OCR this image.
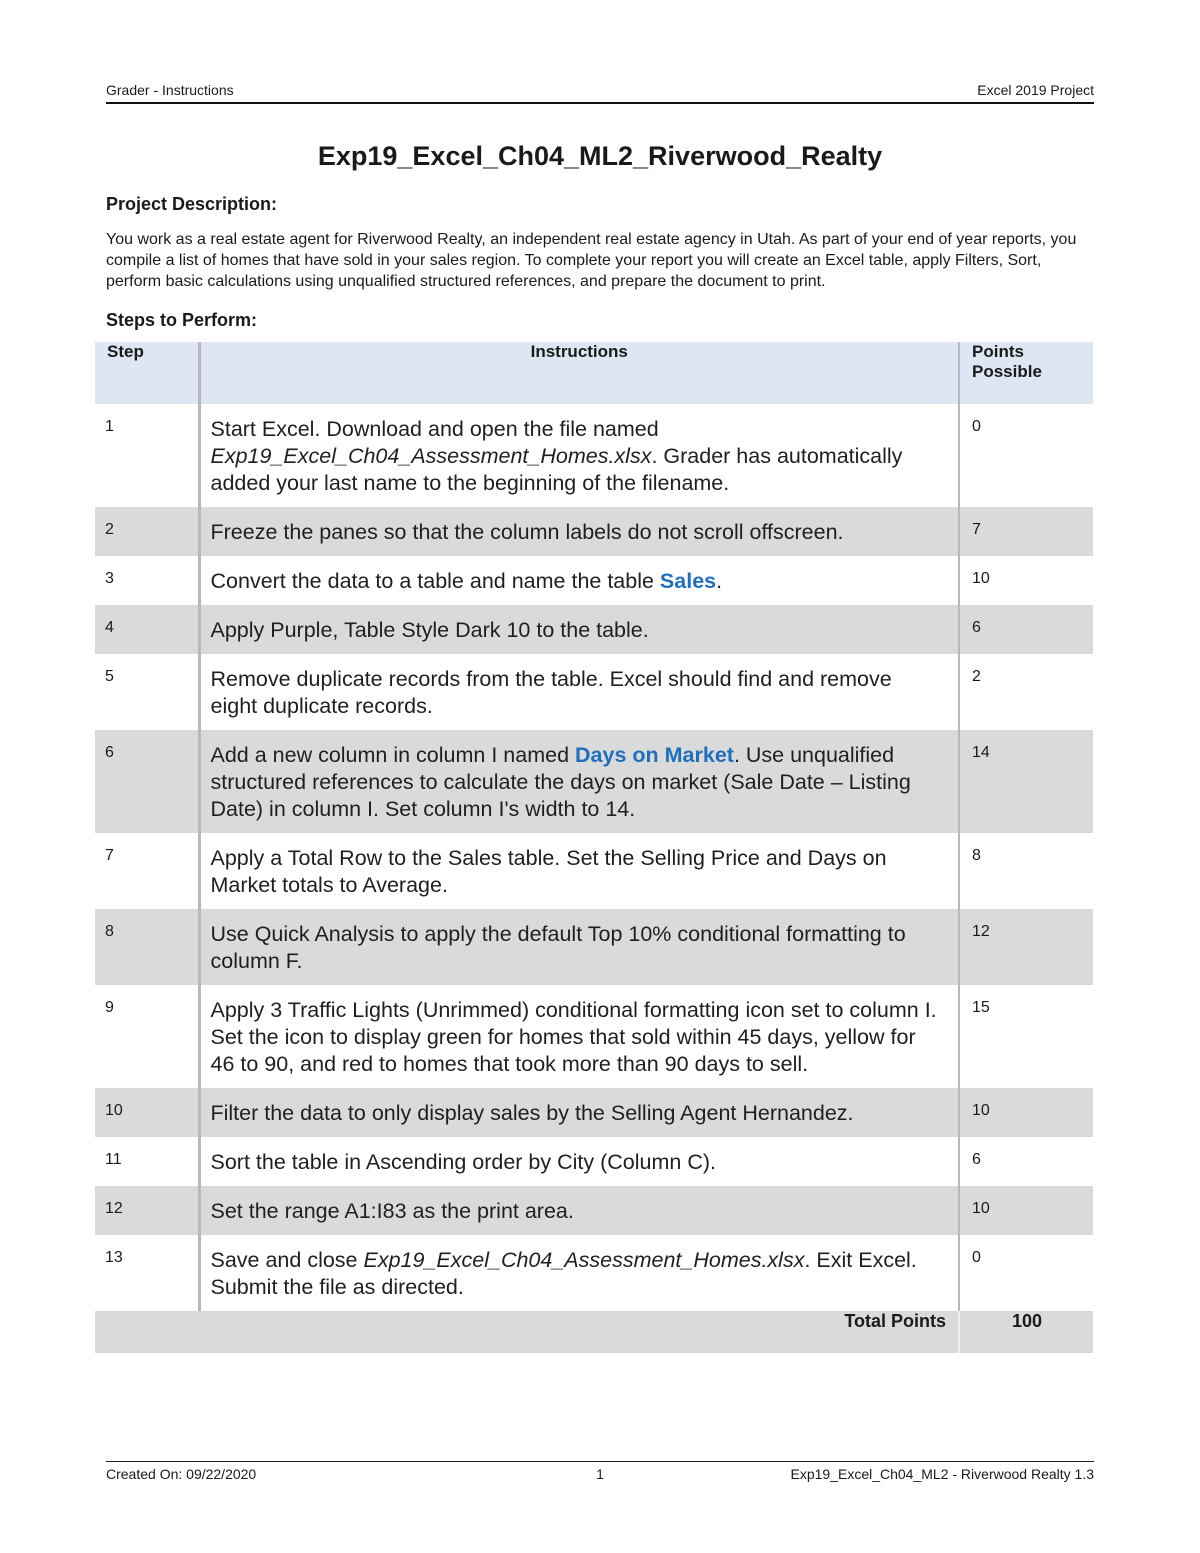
Grader - Instructions	Excel 2019 Project
Exp19_Excel_Ch04_ML2_Riverwood_Realty
Project Description:
You work as a real estate agent for Riverwood Realty, an independent real estate agency in Utah. As part of your end of year reports, you compile a list of homes that have sold in your sales region. To complete your report you will create an Excel table, apply Filters, Sort, perform basic calculations using unqualified structured references, and prepare the document to print.
Steps to Perform:
Step	Instructions	Points Possible
1	Start Excel. Download and open the file named Exp19_Excel_Ch04_Assessment_Homes.xlsx. Grader has automatically added your last name to the beginning of the filename.	0
2	Freeze the panes so that the column labels do not scroll offscreen.	7
3	Convert the data to a table and name the table Sales.	10
4	Apply Purple, Table Style Dark 10 to the table.	6
5	Remove duplicate records from the table. Excel should find and remove eight duplicate records.	2
6	Add a new column in column I named Days on Market. Use unqualified structured references to calculate the days on market (Sale Date – Listing Date) in column I. Set column I's width to 14.	14
7	Apply a Total Row to the Sales table. Set the Selling Price and Days on Market totals to Average.	8
8	Use Quick Analysis to apply the default Top 10% conditional formatting to column F.	12
9	Apply 3 Traffic Lights (Unrimmed) conditional formatting icon set to column I. Set the icon to display green for homes that sold within 45 days, yellow for 46 to 90, and red to homes that took more than 90 days to sell.	15
10	Filter the data to only display sales by the Selling Agent Hernandez.	10
11	Sort the table in Ascending order by City (Column C).	6
12	Set the range A1:I83 as the print area.	10
13	Save and close Exp19_Excel_Ch04_Assessment_Homes.xlsx. Exit Excel. Submit the file as directed.	0
Total Points		100
Created On: 09/22/2020	1	Exp19_Excel_Ch04_ML2 - Riverwood Realty 1.3
